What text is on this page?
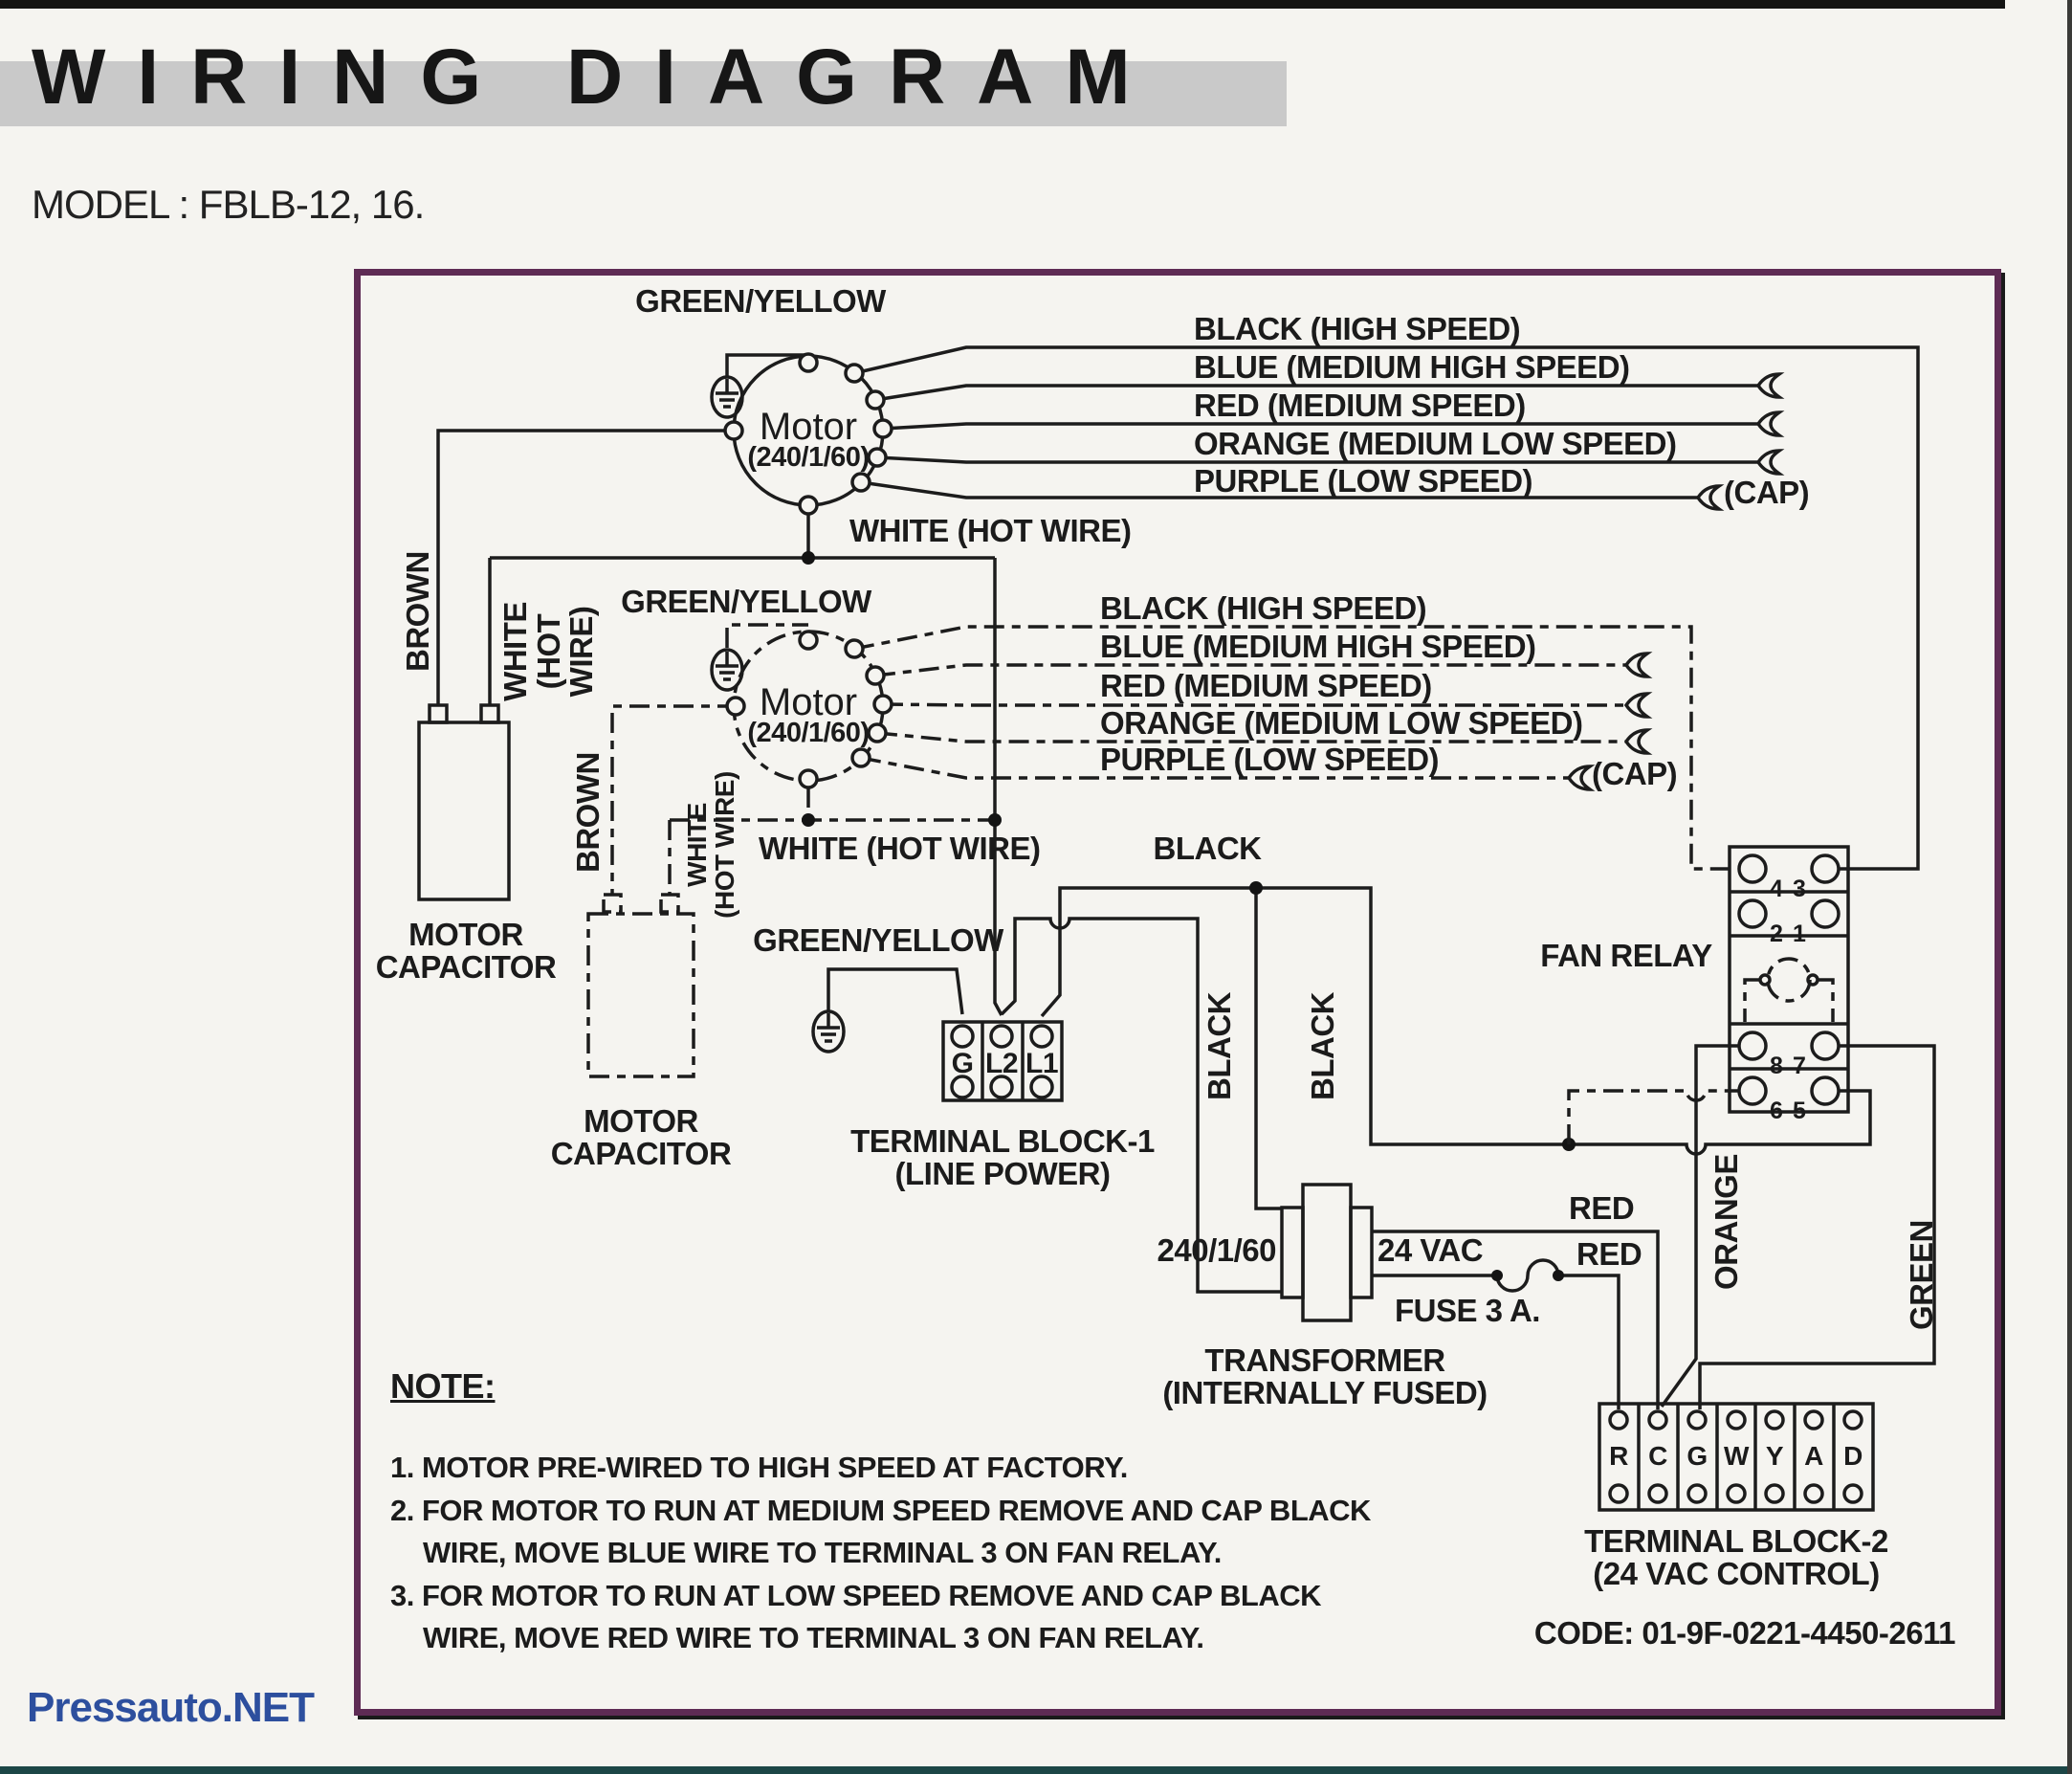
WIRING DIAGRAM
MODEL : FBLB-12, 16.
GREEN/YELLOW
WHITE (HOT WIRE)
Motor
(240/1/60)
BLACK (HIGH SPEED)
BLUE (MEDIUM HIGH SPEED)
RED (MEDIUM SPEED)
ORANGE (MEDIUM LOW SPEED)
PURPLE (LOW SPEED)	(CAP)
GREEN/YELLOW
WHITE (HOT WIRE)
Motor
(240/1/60)
BLACK (HIGH SPEED)
BLUE (MEDIUM HIGH SPEED)
RED (MEDIUM SPEED)
ORANGE (MEDIUM LOW SPEED)
PURPLE (LOW SPEED)	(CAP)
BROWN WHITE
(HOT WIRE)
MOTOR
CAPACITOR
BROWN	WHITE
(HOT WIRE)
MOTOR
CAPACITOR
GREEN/YELLOW
G L2 L1
TERMINAL BLOCK-1
(LINE POWER)
BLACK
BLACK BLACK
FAN RELAY
4 3
2 1
8 7
6 5
240/1/60	24 VAC
RED
RED
FUSE 3 A.
TRANSFORMER
(INTERNALLY FUSED)
ORANGE	GREEN
R C G W Y A D
TERMINAL BLOCK-2
(24 VAC CONTROL)
NOTE:
1. MOTOR PRE-WIRED TO HIGH SPEED AT FACTORY.
2. FOR MOTOR TO RUN AT MEDIUM SPEED REMOVE AND CAP BLACK
WIRE, MOVE BLUE WIRE TO TERMINAL 3 ON FAN RELAY.
3. FOR MOTOR TO RUN AT LOW SPEED REMOVE AND CAP BLACK
WIRE, MOVE RED WIRE TO TERMINAL 3 ON FAN RELAY.	CODE: 01-9F-0221-4450-2611
Pressauto.NET
